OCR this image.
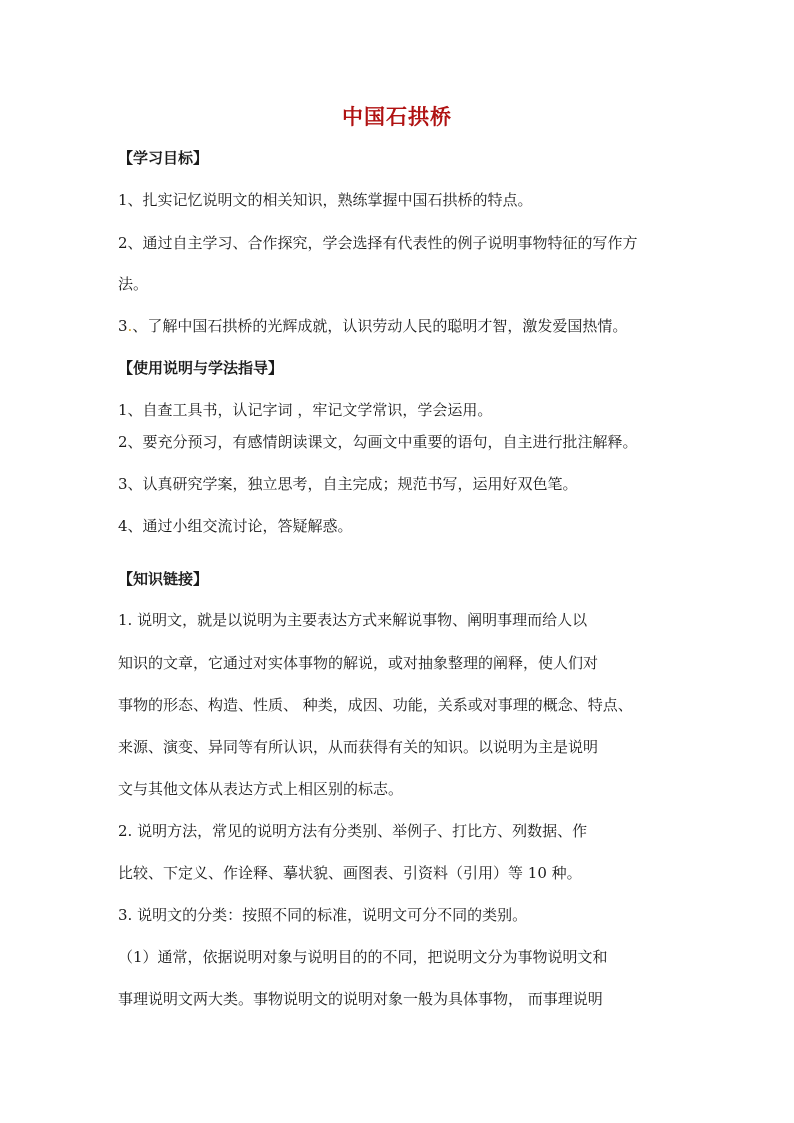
中国石拱桥
【学习目标】
1、扎实记忆说明文的相关知识，熟练掌握中国石拱桥的特点。
2、通过自主学习、合作探究，学会选择有代表性的例子说明事物特征的写作方
法。
3.、了解中国石拱桥的光辉成就，认识劳动人民的聪明才智，激发爱国热情。
【使用说明与学法指导】
1、自查工具书，认记字词 ，牢记文学常识，学会运用。
2、要充分预习，有感情朗读课文，勾画文中重要的语句，自主进行批注解释。
3、认真研究学案，独立思考，自主完成；规范书写，运用好双色笔。
4、通过小组交流讨论，答疑解惑。
【知识链接】
1. 说明文，就是以说明为主要表达方式来解说事物、阐明事理而给人以
知识的文章，它通过对实体事物的解说，或对抽象整理的阐释，使人们对
事物的形态、构造、性质、 种类，成因、功能，关系或对事理的概念、特点、
来源、演变、异同等有所认识，从而获得有关的知识。以说明为主是说明
文与其他文体从表达方式上相区别的标志。
2. 说明方法，常见的说明方法有分类别、举例子、打比方、列数据、作
比较、下定义、作诠释、摹状貌、画图表、引资料（引用）等 10 种。
3. 说明文的分类：按照不同的标准，说明文可分不同的类别。
（1）通常，依据说明对象与说明目的的不同，把说明文分为事物说明文和
事理说明文两大类。事物说明文的说明对象一般为具体事物， 而事理说明
